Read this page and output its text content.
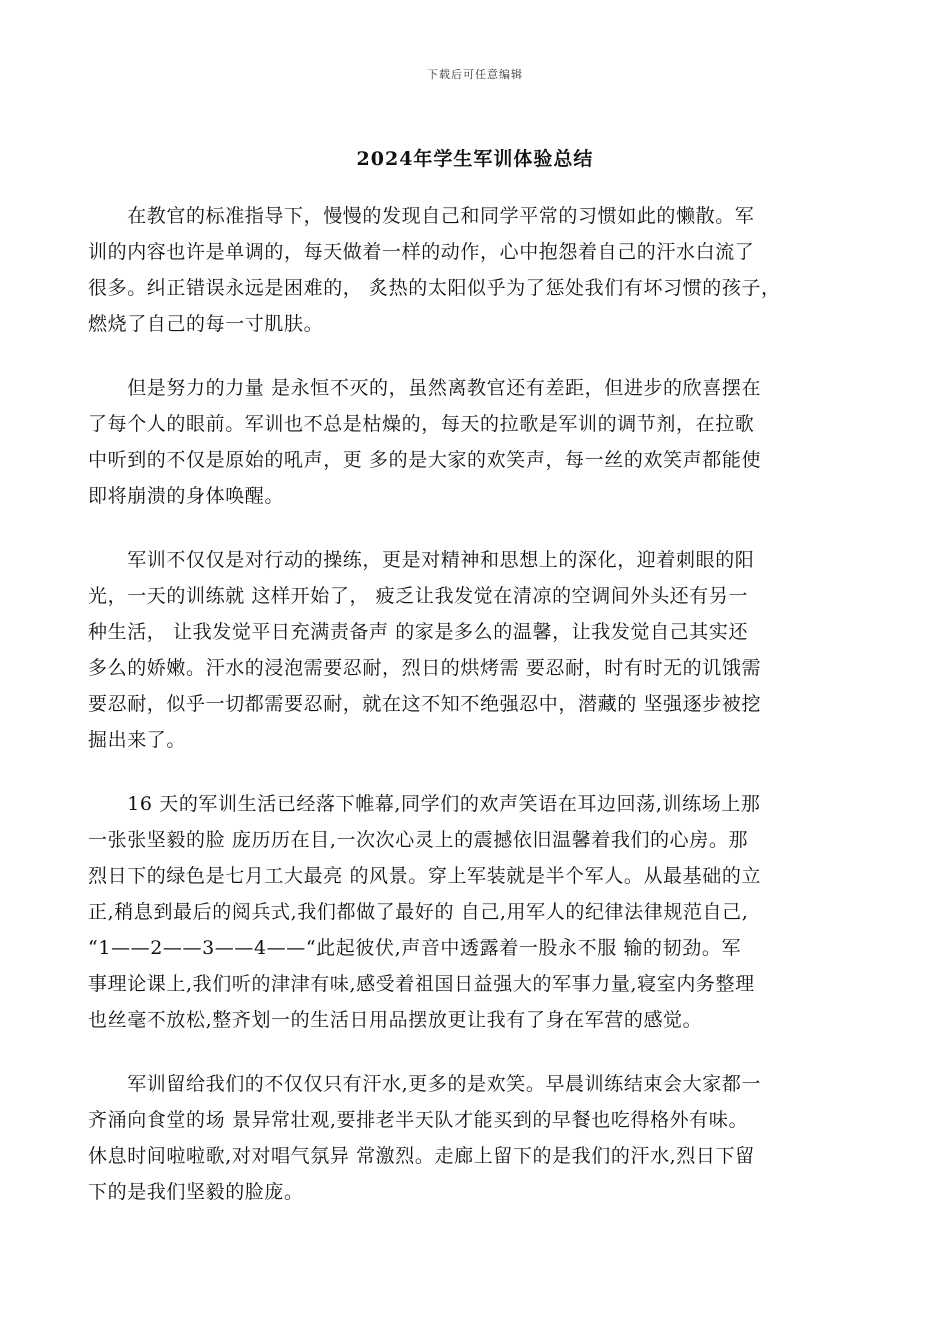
下载后可任意编辑
2024年学生军训体验总结
　　在教官的标准指导下，慢慢的发现自己和同学平常的习惯如此的懒散。军
训的内容也许是单调的，每天做着一样的动作，心中抱怨着自己的汗水白流了
很多。纠正错误永远是困难的， 炙热的太阳似乎为了惩处我们有坏习惯的孩子，
燃烧了自己的每一寸肌肤。
　　但是努力的力量 是永恒不灭的，虽然离教官还有差距，但进步的欣喜摆在
了每个人的眼前。军训也不总是枯燥的，每天的拉歌是军训的调节剂，在拉歌
中听到的不仅是原始的吼声，更 多的是大家的欢笑声，每一丝的欢笑声都能使
即将崩溃的身体唤醒。
　　军训不仅仅是对行动的操练，更是对精神和思想上的深化，迎着刺眼的阳
光，一天的训练就 这样开始了， 疲乏让我发觉在清凉的空调间外头还有另一
种生活， 让我发觉平日充满责备声 的家是多么的温馨，让我发觉自己其实还
多么的娇嫩。汗水的浸泡需要忍耐，烈日的烘烤需 要忍耐，时有时无的讥饿需
要忍耐，似乎一切都需要忍耐，就在这不知不绝强忍中，潜藏的 坚强逐步被挖
掘出来了。
　　16 天的军训生活已经落下帷幕,同学们的欢声笑语在耳边回荡,训练场上那
一张张坚毅的脸 庞历历在目,一次次心灵上的震撼依旧温馨着我们的心房。那
烈日下的绿色是七月工大最亮 的风景。穿上军装就是半个军人。从最基础的立
正,稍息到最后的阅兵式,我们都做了最好的 自己,用军人的纪律法律规范自己,
“1——2——3——4——“此起彼伏,声音中透露着一股永不服 输的韧劲。军
事理论课上,我们听的津津有味,感受着祖国日益强大的军事力量,寝室内务整理
也丝毫不放松,整齐划一的生活日用品摆放更让我有了身在军营的感觉。
　　军训留给我们的不仅仅只有汗水,更多的是欢笑。早晨训练结束会大家都一
齐涌向食堂的场 景异常壮观,要排老半天队才能买到的早餐也吃得格外有味。
休息时间啦啦歌,对对唱气氛异 常激烈。走廊上留下的是我们的汗水,烈日下留
下的是我们坚毅的脸庞。
